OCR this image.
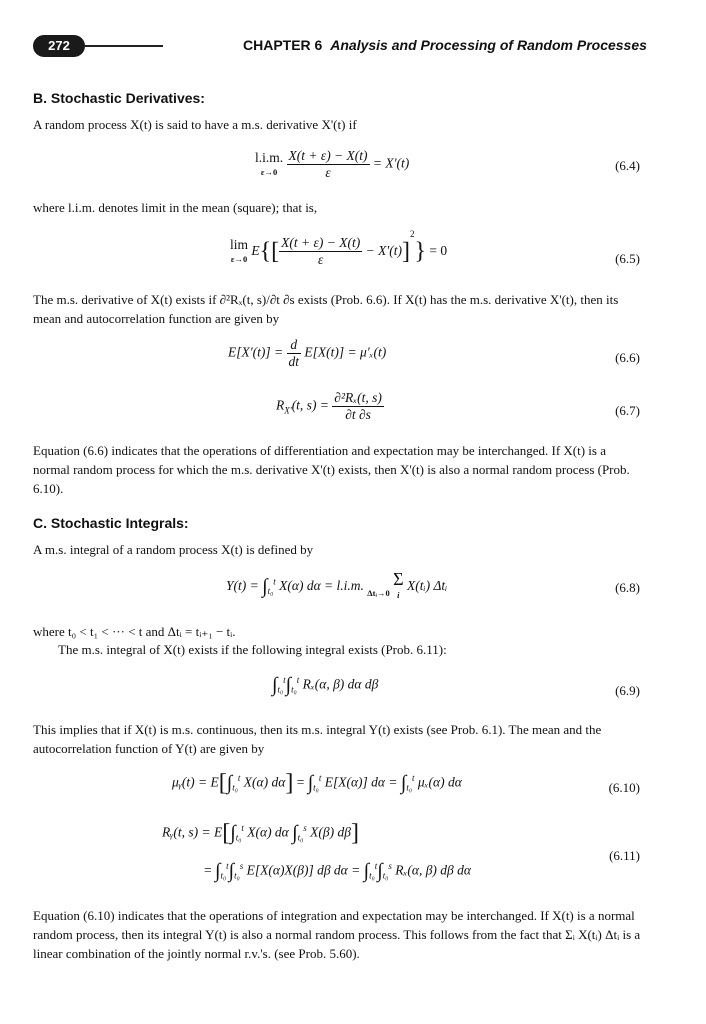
272	CHAPTER 6 Analysis and Processing of Random Processes
B. Stochastic Derivatives:
A random process X(t) is said to have a m.s. derivative X'(t) if
l.i.m.
ε→0
$\frac{X(t + \varepsilon) - X(t)}{\varepsilon} = X'(t)$	(6.4)
where l.i.m. denotes limit in the mean (square); that is,
lim
ε→0
$E\{[ \frac{X(t + \varepsilon) - X(t)}{\varepsilon} - X'(t)]^2\} = 0$
(6.5)
The m.s. derivative of X(t) exists if ∂²Rₓ(t, s)/∂t ∂s exists (Prob. 6.6). If X(t) has the m.s. derivative X'(t), then its mean and autocorrelation function are given by
$E[X'(t)] = \frac{d}{dt} E[X(t)] = \mu'_x(t)$	(6.6)
$R_{X'}(t$, $s) = \frac{\text{∂²Rₓ(t, s)}}{\partial t \partial s}$	(6.7)
Equation (6.6) indicates that the operations of differentiation and expectation may be interchanged. If X(t) is a normal random process for which the m.s. derivative X'(t) exists, then X'(t) is also a normal random process (Prob. 6.10).
C. Stochastic Integrals:
A m.s. integral of a random process X(t) is defined by
$Y(t) = \int_{t_0}^t$ X(α) dα = l.i.m. Δtᵢ→0
Σ
i
X(tᵢ) Δtᵢ	(6.8)
where t₀ < t₁ < ··· < t and Δtᵢ = tᵢ₊₁ − tᵢ.
The m.s. integral of X(t) exists if the following integral exists (Prob. 6.11):
$\int_{t_0}^t\int_{t_0}^t$ Rₓ(α, β) dα dβ	(6.9)
This implies that if X(t) is m.s. continuous, then its m.s. integral Y(t) exists (see Prob. 6.1). The mean and the autocorrelation function of Y(t) are given by
μᵧ(t) = $E[\int_{t_0}^t$ X(α) $d\alpha] = \int_{t_0}^t$ E[X(α)] $d\alpha = \int_{t_0}^t$ μₓ(α) dα	(6.10)
Rᵧ(t, $s) = E[\int_{t_0}^t$ X(α) dα $\int_{t_0}^s$ X(β) dβ]
= $\int_{t_0}^t\int_{t_0}^s$ E[X(α)X(β)] dβ $d\alpha = \int_{t_0}^t\int_{t_0}^s$ Rₓ(α, β) dβ dα
(6.11)
Equation (6.10) indicates that the operations of integration and expectation may be interchanged. If X(t) is a normal random process, then its integral Y(t) is also a normal random process. This follows from the fact that Σᵢ X(tᵢ) Δtᵢ is a linear combination of the jointly normal r.v.'s. (see Prob. 5.60).
